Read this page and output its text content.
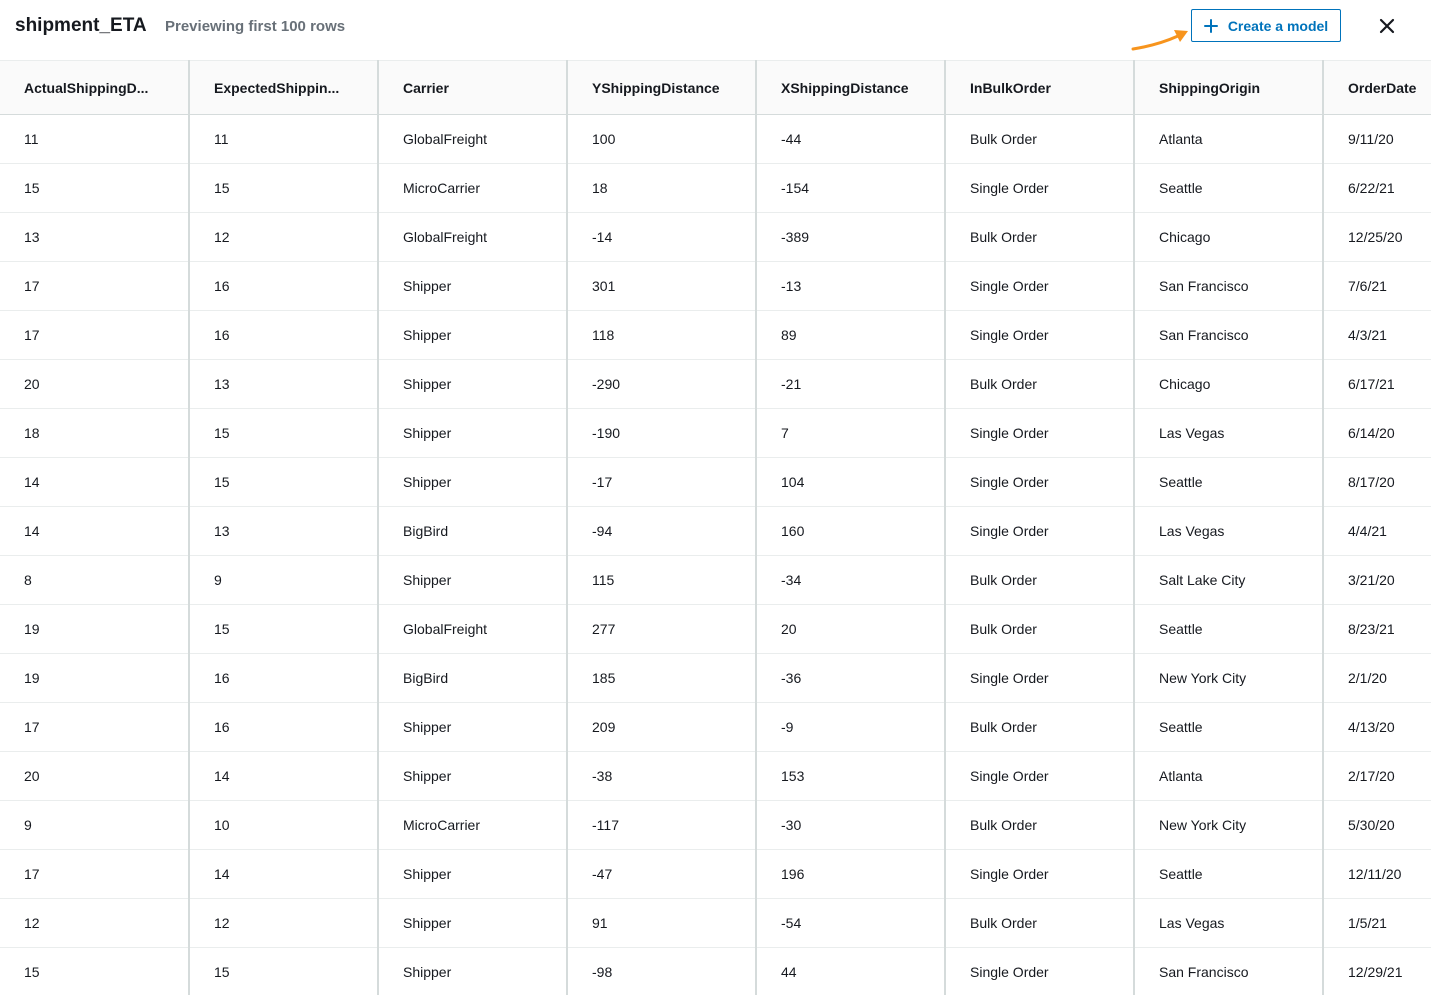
shipment_ETA Previewing first 100 rows	Create a model
ActualShippingD...	ExpectedShippin...	Carrier	YShippingDistance	XShippingDistance	InBulkOrder	ShippingOrigin	OrderDate
11	11	GlobalFreight	100	-44	Bulk Order	Atlanta	9/11/20
15	15	MicroCarrier	18	-154	Single Order	Seattle	6/22/21
13	12	GlobalFreight	-14	-389	Bulk Order	Chicago	12/25/20
17	16	Shipper	301	-13	Single Order	San Francisco	7/6/21
17	16	Shipper	118	89	Single Order	San Francisco	4/3/21
20	13	Shipper	-290	-21	Bulk Order	Chicago	6/17/21
18	15	Shipper	-190	7	Single Order	Las Vegas	6/14/20
14	15	Shipper	-17	104	Single Order	Seattle	8/17/20
14	13	BigBird	-94	160	Single Order	Las Vegas	4/4/21
8	9	Shipper	115	-34	Bulk Order	Salt Lake City	3/21/20
19	15	GlobalFreight	277	20	Bulk Order	Seattle	8/23/21
19	16	BigBird	185	-36	Single Order	New York City	2/1/20
17	16	Shipper	209	-9	Bulk Order	Seattle	4/13/20
20	14	Shipper	-38	153	Single Order	Atlanta	2/17/20
9	10	MicroCarrier	-117	-30	Bulk Order	New York City	5/30/20
17	14	Shipper	-47	196	Single Order	Seattle	12/11/20
12	12	Shipper	91	-54	Bulk Order	Las Vegas	1/5/21
15	15	Shipper	-98	44	Single Order	San Francisco	12/29/21
